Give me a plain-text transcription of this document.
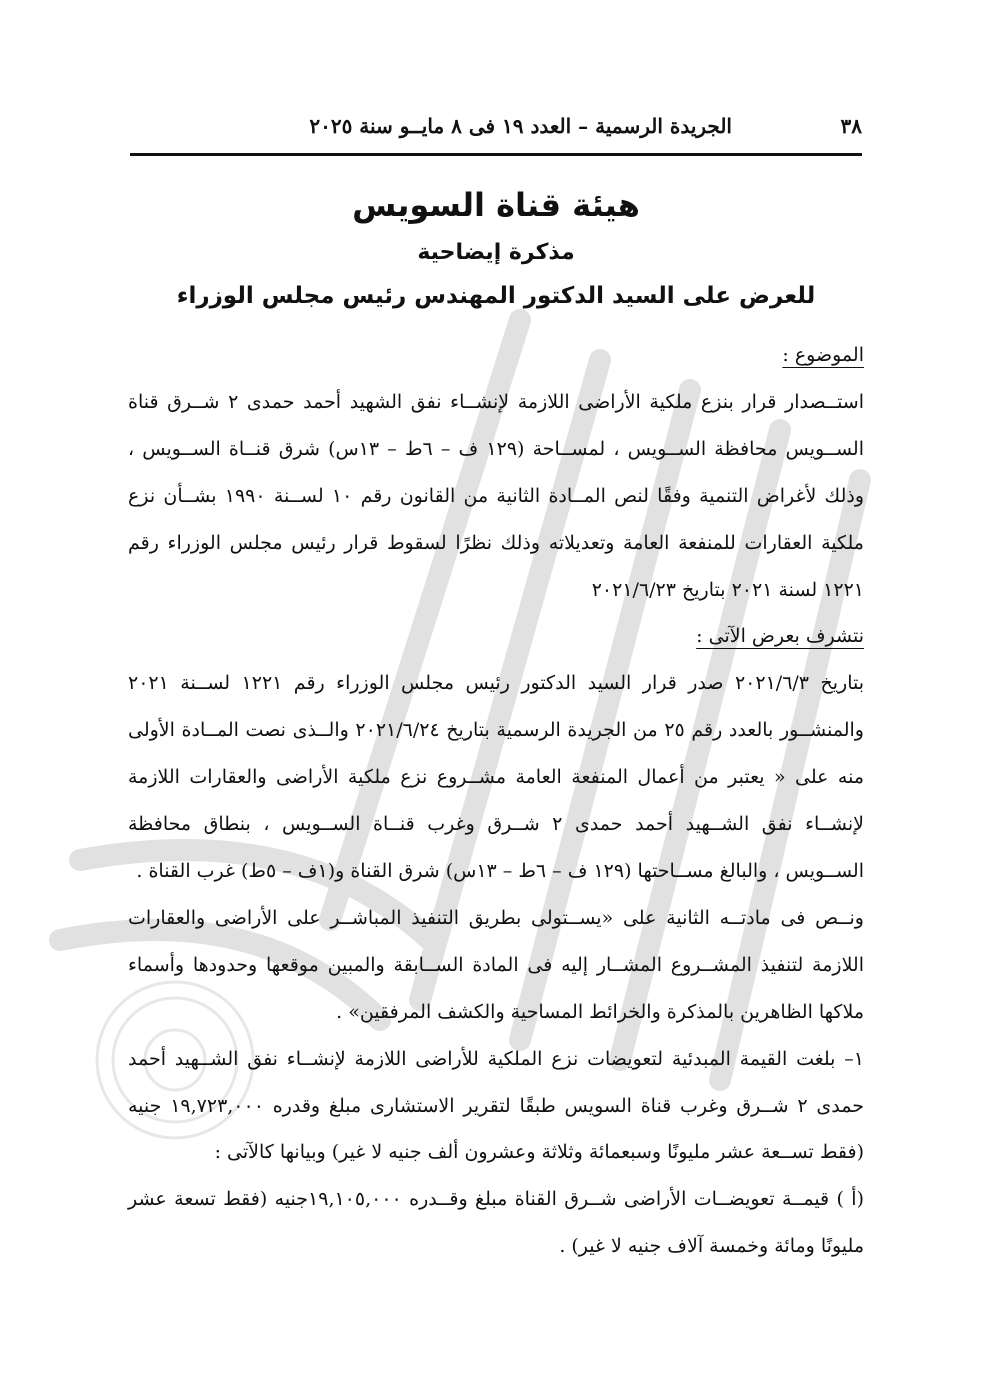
٣٨
الجريدة الرسمية – العدد ١٩ فى ٨ مايــو سنة ٢٠٢٥
هيئة قناة السويس
مذكرة إيضاحية
للعرض على السيد الدكتور المهندس رئيس مجلس الوزراء

الموضوع :

استــصدار قرار بنزع ملكية الأراضى اللازمة لإنشــاء نفق الشهيد أحمد حمدى ٢ شــرق قناة الســويس محافظة الســويس ، لمســاحة (١٢٩ ف – ٦ط – ١٣س) شرق قنــاة الســويس ، وذلك لأغراض التنمية وفقًا لنص المــادة الثانية من القانون رقم ١٠ لســنة ١٩٩٠ بشــأن نزع ملكية العقارات للمنفعة العامة وتعديلاته وذلك نظرًا لسقوط قرار رئيس مجلس الوزراء رقم ١٢٢١ لسنة ٢٠٢١ بتاريخ ٢٠٢١/٦/٢٣

نتشرف بعرض الآتى :

بتاريخ ٢٠٢١/٦/٣ صدر قرار السيد الدكتور رئيس مجلس الوزراء رقم ١٢٢١ لســنة ٢٠٢١ والمنشــور بالعدد رقم ٢٥ من الجريدة الرسمية بتاريخ ٢٠٢١/٦/٢٤ والــذى نصت المــادة الأولى منه على « يعتبر من أعمال المنفعة العامة مشــروع نزع ملكية الأراضى والعقارات اللازمة لإنشــاء نفق الشــهيد أحمد حمدى ٢ شــرق وغرب قنــاة الســويس ، بنطاق محافظة الســويس ، والبالغ مســاحتها (١٢٩ ف – ٦ط – ١٣س) شرق القناة و(١ف – ٥ط) غرب القناة .

ونــص فى مادتــه الثانية على «يســتولى بطريق التنفيذ المباشــر على الأراضى والعقارات اللازمة لتنفيذ المشــروع المشــار إليه فى المادة الســابقة والمبين موقعها وحدودها وأسماء ملاكها الظاهرين بالمذكرة والخرائط المساحية والكشف المرفقين» .

١– بلغت القيمة المبدئية لتعويضات نزع الملكية للأراضى اللازمة لإنشــاء نفق الشــهيد أحمد حمدى ٢ شــرق وغرب قناة السويس طبقًا لتقرير الاستشارى مبلغ وقدره ١٩,٧٢٣,٠٠٠ جنيه (فقط تســعة عشر مليونًا وسبعمائة وثلاثة وعشرون ألف جنيه لا غير) وبيانها كالآتى :

(أ ) قيمــة تعويضــات الأراضى شــرق القناة مبلغ وقــدره ١٩,١٠٥,٠٠٠جنيه (فقط تسعة عشر مليونًا ومائة وخمسة آلاف جنيه لا غير) .
